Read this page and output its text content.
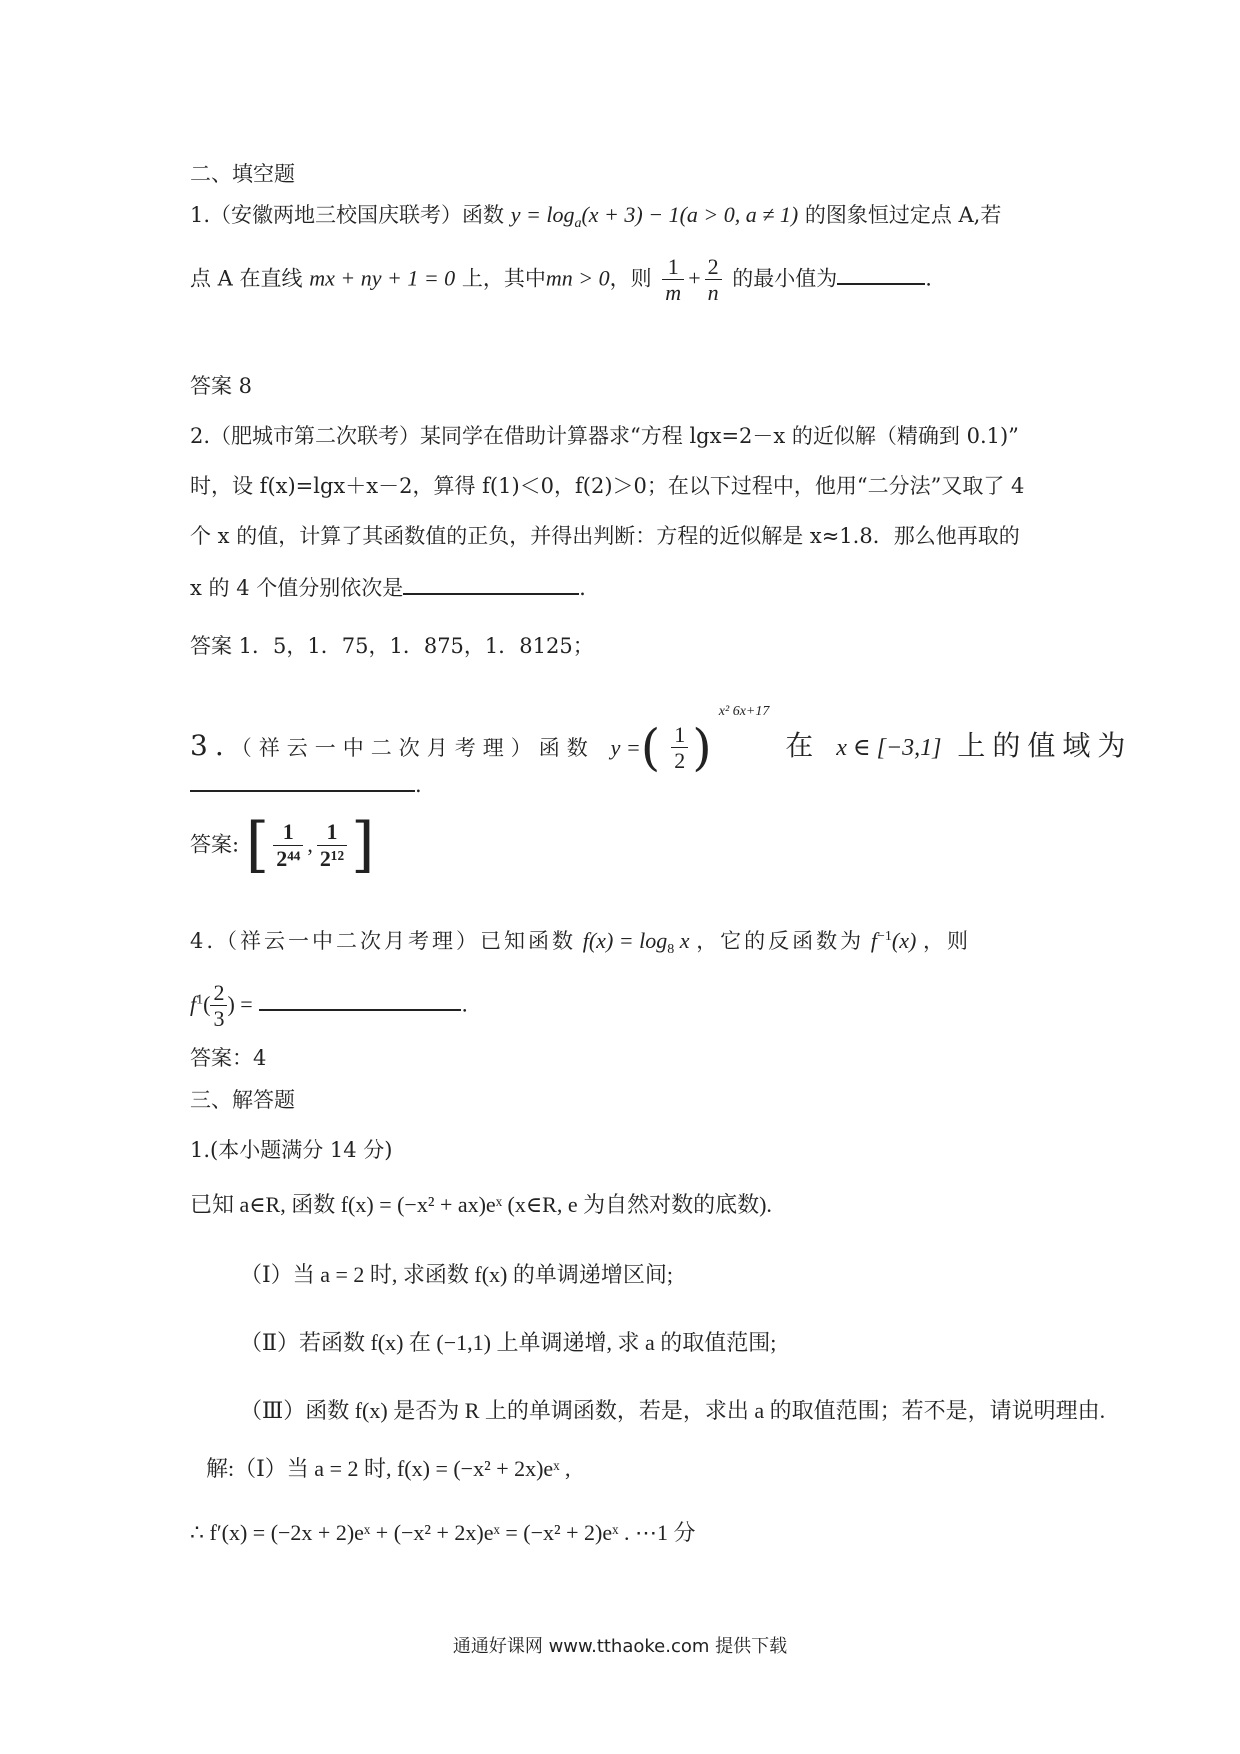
二、填空题
1.（安徽两地三校国庆联考）函数 $y = \log_a(x + 3) - 1(a > 0$, a ≠ 1) 的图象恒过定点 A,若
点 A 在直线 mx + ny + 1 = 0 上，其中mn > 0，则 $\frac{1}{m} + \frac{2}{n}$ 的最小值为	.
答案 8
2.（肥城市第二次联考）某同学在借助计算器求“方程 lgx=2－x 的近似解（精确到 0.1)”
时，设 f(x)=lgx＋x－2，算得 f(1)＜0，f(2)＞0；在以下过程中，他用“二分法”又取了 4
个 x 的值，计算了其函数值的正负，并得出判断：方程的近似解是 x≈1.8．那么他再取的
x 的 4 个值分别依次是	．
答案 1．5，1．75，1．875，1．8125；
3.（祥云一中二次月考理）函数 y =( $\frac{1}{2} )^{x^2 6x+17}$ 在 x ∈ [−3,1] 上的值域为
.
答案: [ $\frac{1}{\text{2⁴⁴}}$ , $\frac{1}{\text{2¹²}}$ ]
4.（祥云一中二次月考理）已知函数 $f(x) = \log_8 x$ ，它的反函数为 $f^{-1}(x)$ ，则
$f^1( \frac{2}{3}$ ) =	.
答案：4
三、解答题
1.(本小题满分 14 分)
已知 a∈R, 函数 f(x) = (−x² + ax)eˣ (x∈R, e 为自然对数的底数).
（Ⅰ）当 a = 2 时, 求函数 f(x) 的单调递增区间;
（Ⅱ）若函数 f(x) 在 (−1,1) 上单调递增, 求 a 的取值范围;
（Ⅲ）函数 f(x) 是否为 R 上的单调函数，若是，求出 a 的取值范围；若不是，请说明理由.
解:（Ⅰ）当 a = 2 时, f(x) = (−x² + 2x)eˣ ,
∴ f′(x) = (−2x + 2)eˣ + (−x² + 2x)eˣ = (−x² + 2)eˣ . ⋯1 分
通通好课网 www.tthaoke.com 提供下载
